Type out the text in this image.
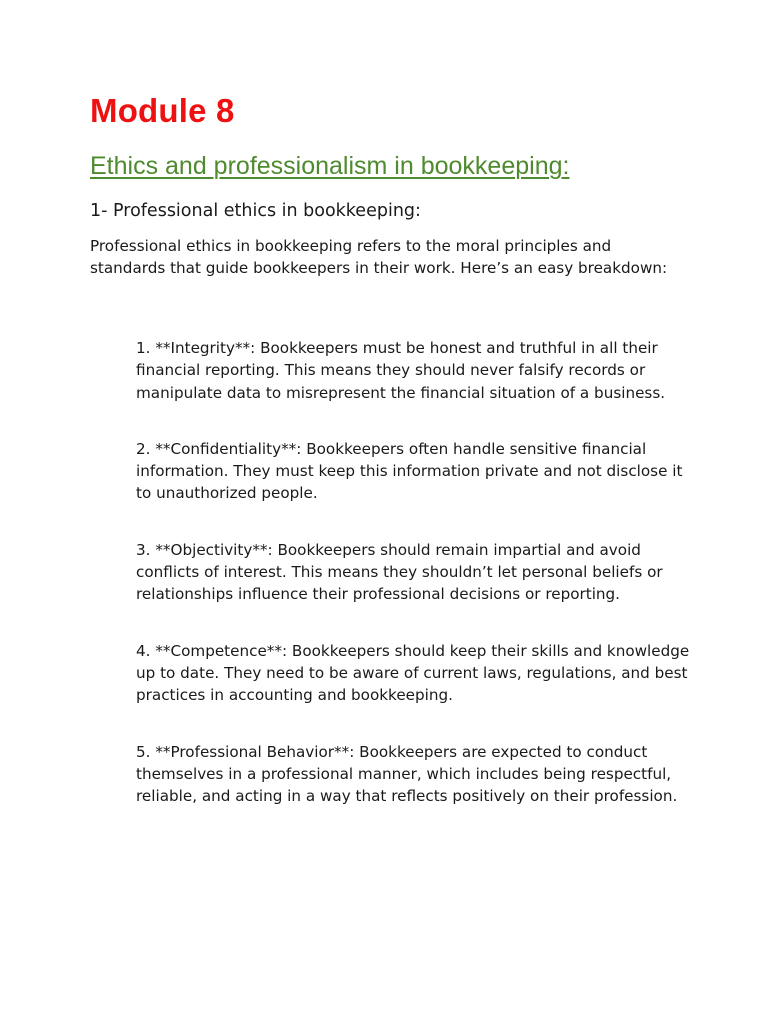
Module 8
Ethics and professionalism in bookkeeping:
1- Professional ethics in bookkeeping:

Professional ethics in bookkeeping refers to the moral principles and standards that guide bookkeepers in their work. Here’s an easy breakdown:

1. **Integrity**: Bookkeepers must be honest and truthful in all their financial reporting. This means they should never falsify records or manipulate data to misrepresent the financial situation of a business.
2. **Confidentiality**: Bookkeepers often handle sensitive financial information. They must keep this information private and not disclose it to unauthorized people.
3. **Objectivity**: Bookkeepers should remain impartial and avoid conflicts of interest. This means they shouldn’t let personal beliefs or relationships influence their professional decisions or reporting.
4. **Competence**: Bookkeepers should keep their skills and knowledge up to date. They need to be aware of current laws, regulations, and best practices in accounting and bookkeeping.
5. **Professional Behavior**: Bookkeepers are expected to conduct themselves in a professional manner, which includes being respectful, reliable, and acting in a way that reflects positively on their profession.
